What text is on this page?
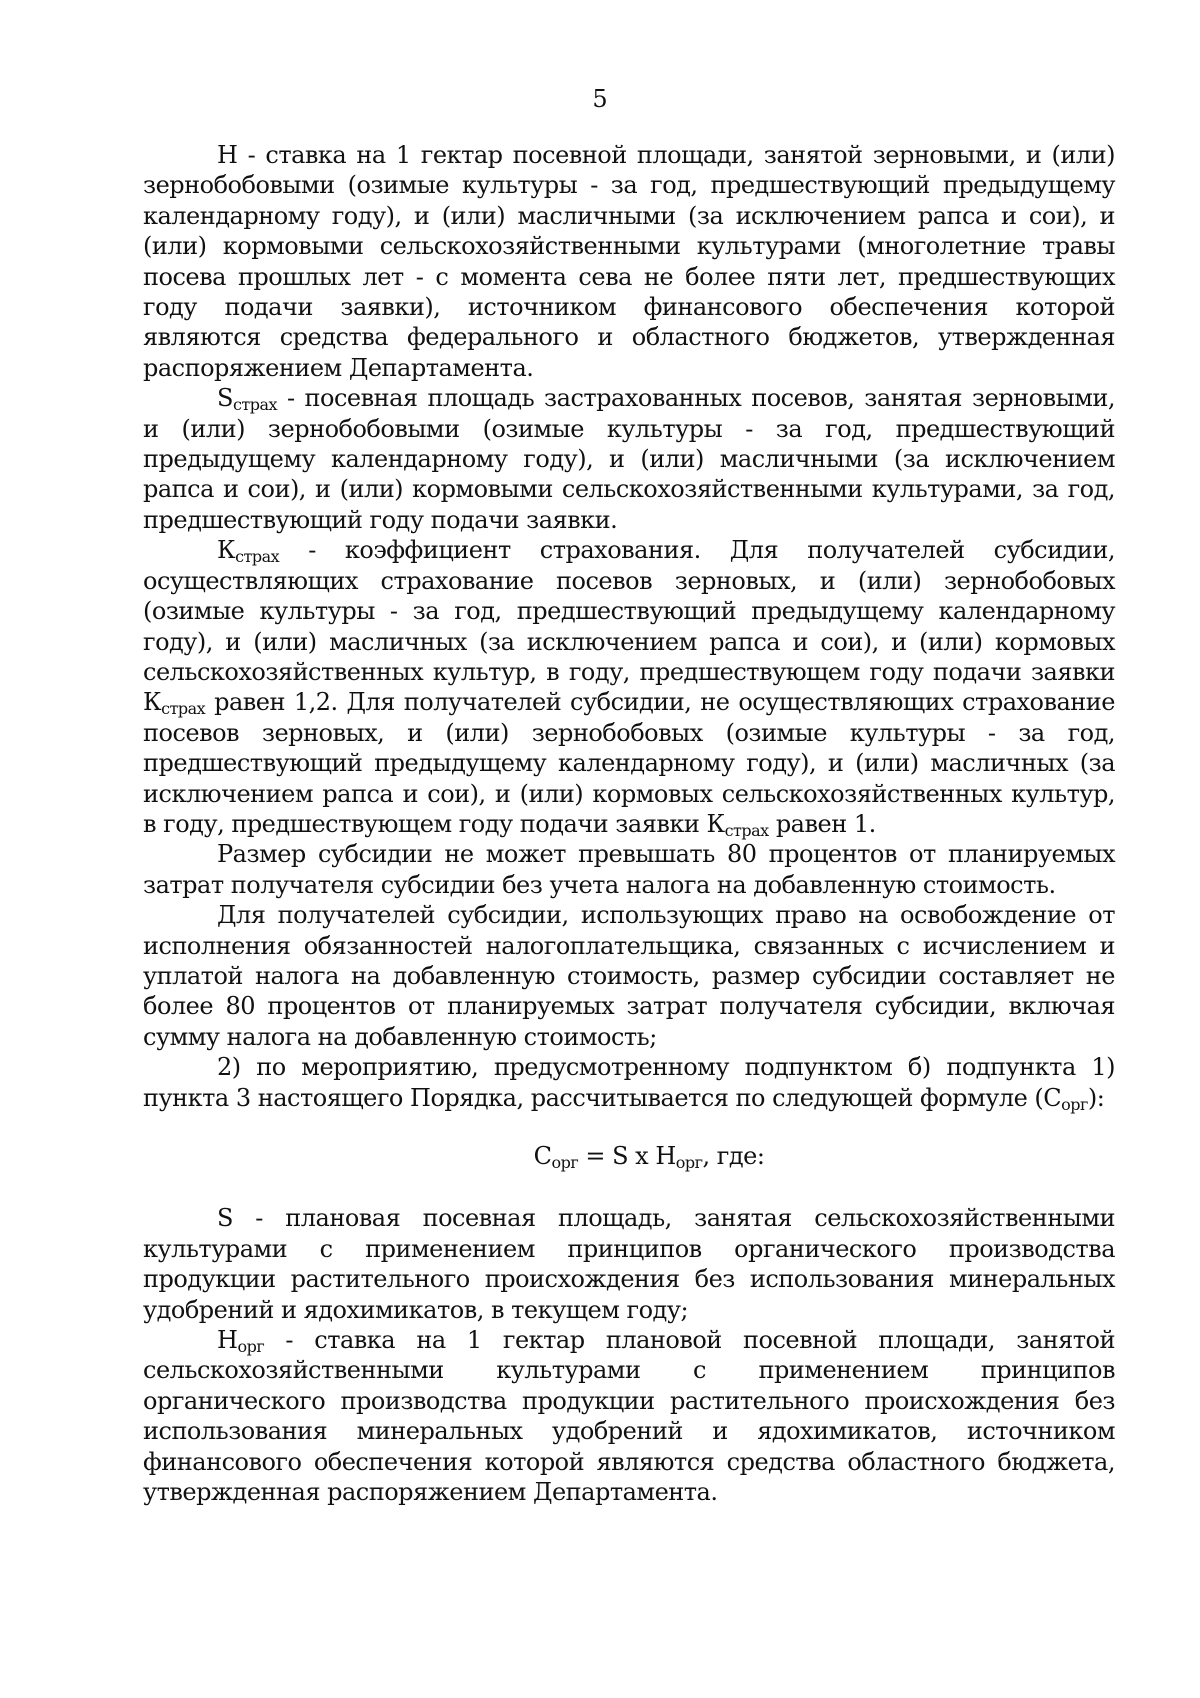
5

Н - ставка на 1 гектар посевной площади, занятой зерновыми, и (или) зернобобовыми (озимые культуры - за год, предшествующий предыдущему календарному году), и (или) масличными (за исключением рапса и сои), и (или) кормовыми сельскохозяйственными культурами (многолетние травы посева прошлых лет - с момента сева не более пяти лет, предшествующих году подачи заявки), источником финансового обеспечения которой являются средства федерального и областного бюджетов, утвержденная распоряжением Департамента.

$S_{страх}$ - посевная площадь застрахованных посевов, занятая зерновыми, и (или) зернобобовыми (озимые культуры - за год, предшествующий предыдущему календарному году), и (или) масличными (за исключением рапса и сои), и (или) кормовыми сельскохозяйственными культурами, за год, предшествующий году подачи заявки.

$К_{страх}$ - коэффициент страхования. Для получателей субсидии, осуществляющих страхование посевов зерновых, и (или) зернобобовых (озимые культуры - за год, предшествующий предыдущему календарному году), и (или) масличных (за исключением рапса и сои), и (или) кормовых сельскохозяйственных культур, в году, предшествующем году подачи заявки $К_{страх}$ равен 1,2. Для получателей субсидии, не осуществляющих страхование посевов зерновых, и (или) зернобобовых (озимые культуры - за год, предшествующий предыдущему календарному году), и (или) масличных (за исключением рапса и сои), и (или) кормовых сельскохозяйственных культур, в году, предшествующем году подачи заявки $К_{страх}$ равен 1.

Размер субсидии не может превышать 80 процентов от планируемых затрат получателя субсидии без учета налога на добавленную стоимость.

Для получателей субсидии, использующих право на освобождение от исполнения обязанностей налогоплательщика, связанных с исчислением и уплатой налога на добавленную стоимость, размер субсидии составляет не более 80 процентов от планируемых затрат получателя субсидии, включая сумму налога на добавленную стоимость;

2) по мероприятию, предусмотренному подпунктом б) подпункта 1) пункта 3 настоящего Порядка, рассчитывается по следующей формуле $(С_{орг})$:

$С_{орг} = S$ x $Н_{орг}$, где:

S - плановая посевная площадь, занятая сельскохозяйственными культурами с применением принципов органического производства продукции растительного происхождения без использования минеральных удобрений и ядохимикатов, в текущем году;

$Н_{орг}$ - ставка на 1 гектар плановой посевной площади, занятой сельскохозяйственными культурами с применением принципов органического производства продукции растительного происхождения без использования минеральных удобрений и ядохимикатов, источником финансового обеспечения которой являются средства областного бюджета, утвержденная распоряжением Департамента.
